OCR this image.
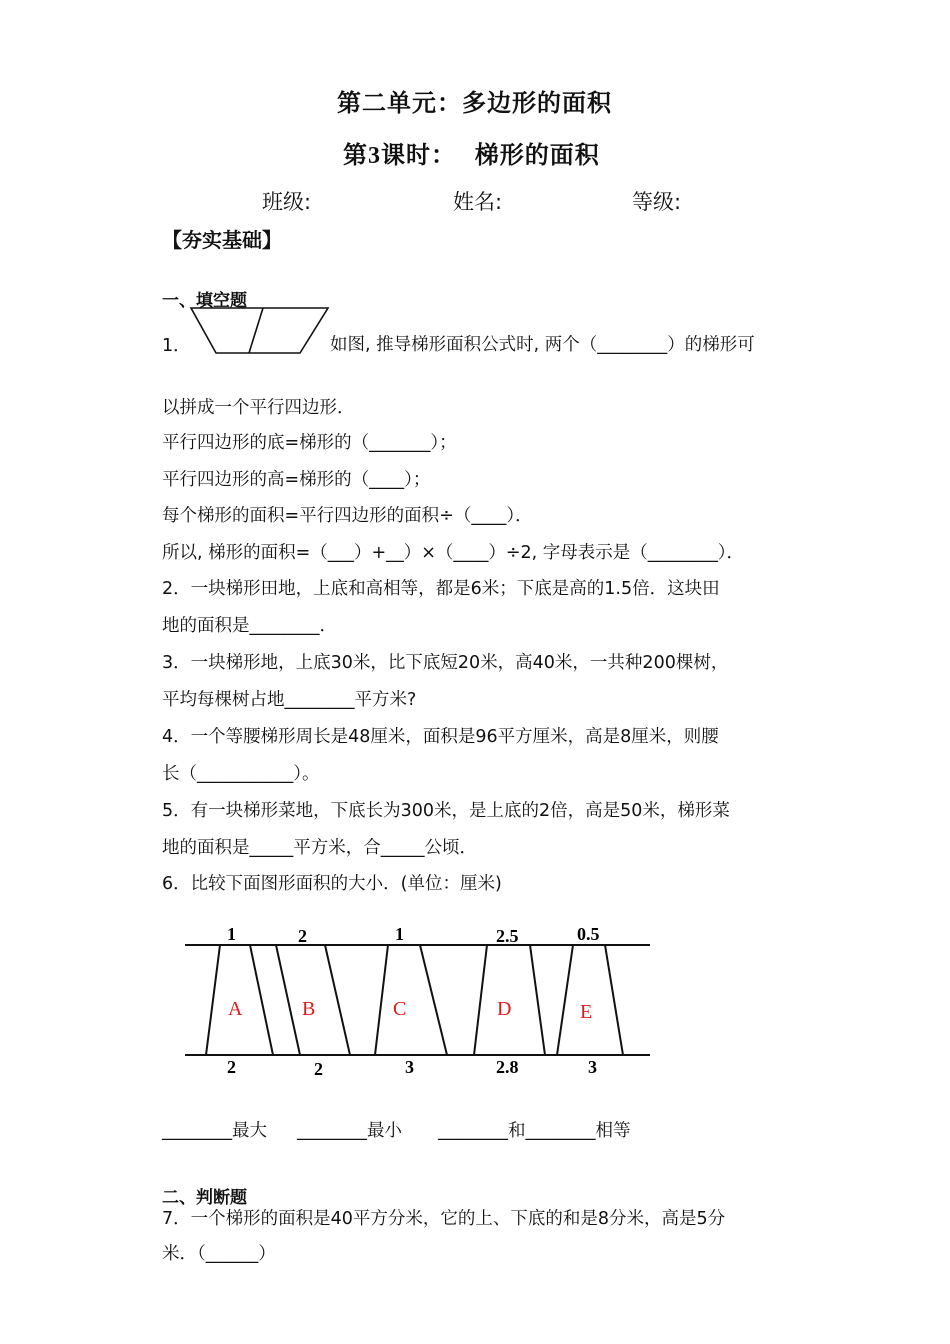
第二单元：多边形的面积
第3课时：  梯形的面积
班级:	姓名:	等级:
【夯实基础】
一、填空题
1．	如图, 推导梯形面积公式时, 两个（________）的梯形可
以拼成一个平行四边形．
平行四边形的底=梯形的（_______）；
平行四边形的高=梯形的（____）；
每个梯形的面积=平行四边形的面积÷（____）．
所以, 梯形的面积=（___）+__）×（____）÷2, 字母表示是（________）．
2．一块梯形田地，上底和高相等，都是6米；下底是高的1.5倍．这块田
地的面积是________．
3．一块梯形地，上底30米，比下底短20米，高40米，一共种200棵树，
平均每棵树占地________平方米?
4．一个等腰梯形周长是48厘米，面积是96平方厘米，高是8厘米，则腰
长（___________）。
5．有一块梯形菜地，下底长为300米，是上底的2倍，高是50米，梯形菜
地的面积是_____平方米，合_____公顷．
6．比较下面图形面积的大小．(单位：厘米)
1
2
A
2
2
B
1
3
C
2.5
2.8
D
0.5
3
E
________最大 ________最小 ________和________相等
二、判断题
7．一个梯形的面积是40平方分米，它的上、下底的和是8分米，高是5分
米．（______）
